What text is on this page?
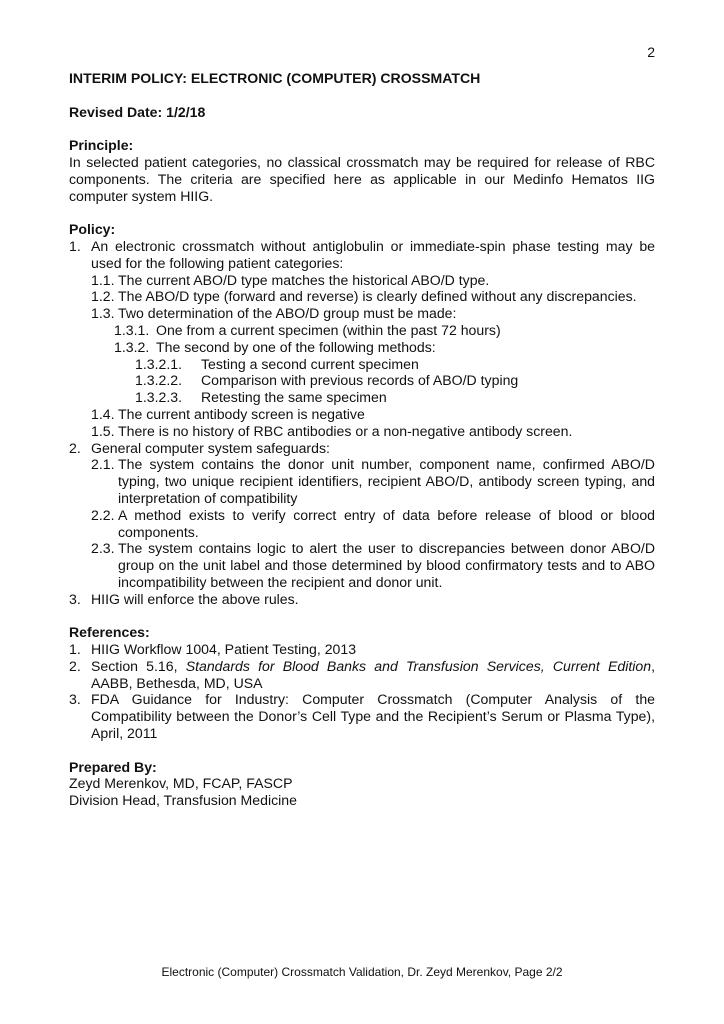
2
INTERIM POLICY: ELECTRONIC (COMPUTER) CROSSMATCH
Revised Date: 1/2/18
Principle:
In selected patient categories, no classical crossmatch may be required for release of RBC components. The criteria are specified here as applicable in our Medinfo Hematos IIG computer system HIIG.
Policy:
1. An electronic crossmatch without antiglobulin or immediate-spin phase testing may be used for the following patient categories:
1.1. The current ABO/D type matches the historical ABO/D type.
1.2. The ABO/D type (forward and reverse) is clearly defined without any discrepancies.
1.3. Two determination of the ABO/D group must be made:
1.3.1. One from a current specimen (within the past 72 hours)
1.3.2. The second by one of the following methods:
1.3.2.1.	Testing a second current specimen
1.3.2.2.	Comparison with previous records of ABO/D typing
1.3.2.3.	Retesting the same specimen
1.4. The current antibody screen is negative
1.5. There is no history of RBC antibodies or a non-negative antibody screen.
2. General computer system safeguards:
2.1. The system contains the donor unit number, component name, confirmed ABO/D typing, two unique recipient identifiers, recipient ABO/D, antibody screen typing, and interpretation of compatibility
2.2. A method exists to verify correct entry of data before release of blood or blood components.
2.3. The system contains logic to alert the user to discrepancies between donor ABO/D group on the unit label and those determined by blood confirmatory tests and to ABO incompatibility between the recipient and donor unit.
3. HIIG will enforce the above rules.
References:
1. HIIG Workflow 1004, Patient Testing, 2013
2. Section 5.16, Standards for Blood Banks and Transfusion Services, Current Edition, AABB, Bethesda, MD, USA
3. FDA Guidance for Industry: Computer Crossmatch (Computer Analysis of the Compatibility between the Donor’s Cell Type and the Recipient’s Serum or Plasma Type), April, 2011
Prepared By:
Zeyd Merenkov, MD, FCAP, FASCP
Division Head, Transfusion Medicine
Electronic (Computer) Crossmatch Validation, Dr. Zeyd Merenkov, Page 2/2
